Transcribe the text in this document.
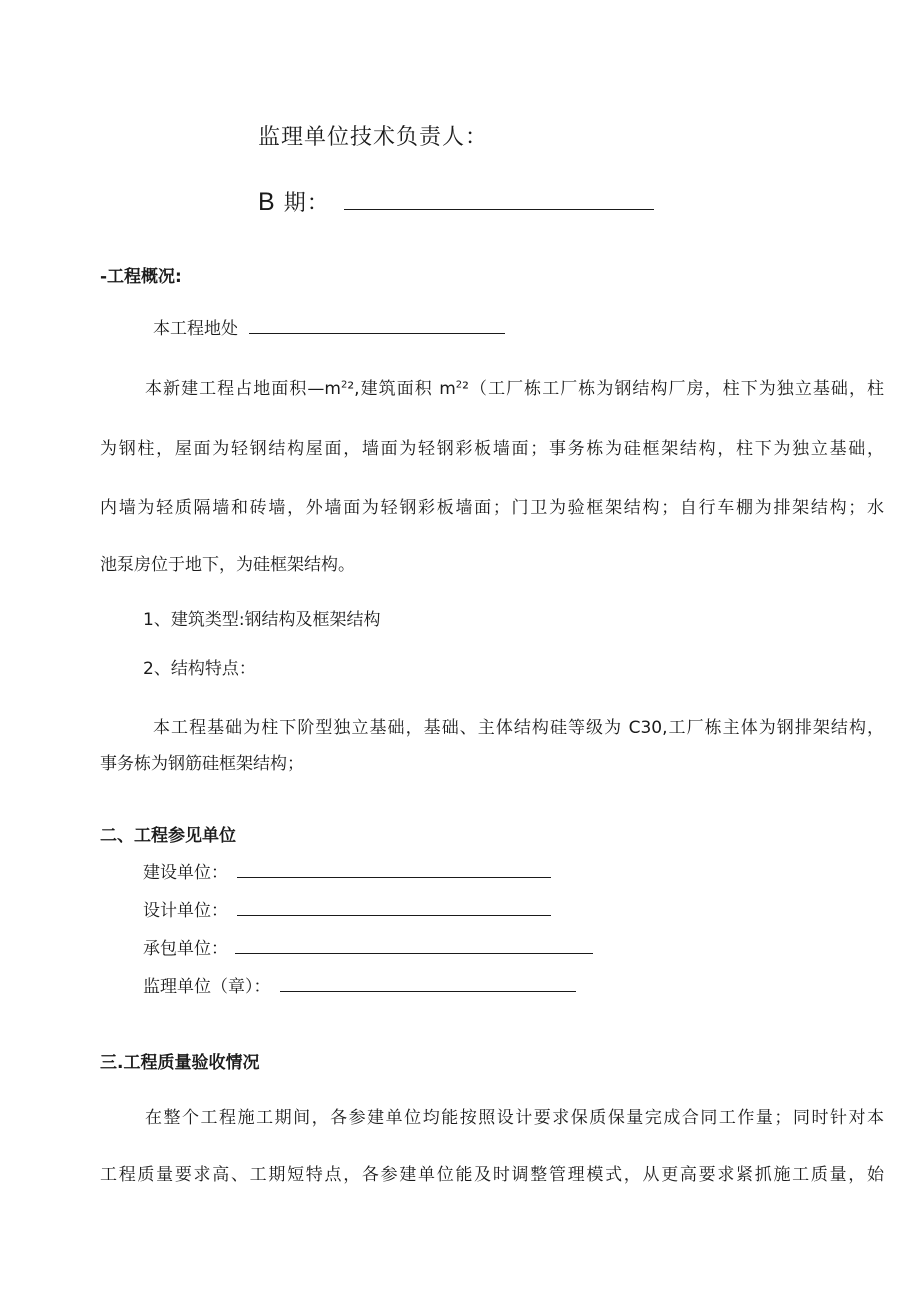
监理单位技术负责人：
B 期：
-工程概况:
本工程地处
本新建工程占地面积$—m^2^2$,建筑面积 $m^2^2$（工厂栋工厂栋为钢结构厂房，柱下为独立基础，柱
为钢柱，屋面为轻钢结构屋面，墙面为轻钢彩板墙面；事务栋为硅框架结构，柱下为独立基础，
内墙为轻质隔墙和砖墙，外墙面为轻钢彩板墙面；门卫为验框架结构；自行车棚为排架结构；水
池泵房位于地下，为硅框架结构。
1、建筑类型:钢结构及框架结构
2、结构特点：
本工程基础为柱下阶型独立基础，基础、主体结构硅等级为 C30,工厂栋主体为钢排架结构，
事务栋为钢筋硅框架结构；
二、工程参见单位
建设单位：
设计单位：
承包单位：
监理单位（章）：
三.工程质量验收情况
在整个工程施工期间，各参建单位均能按照设计要求保质保量完成合同工作量；同时针对本
工程质量要求高、工期短特点，各参建单位能及时调整管理模式，从更高要求紧抓施工质量，始
